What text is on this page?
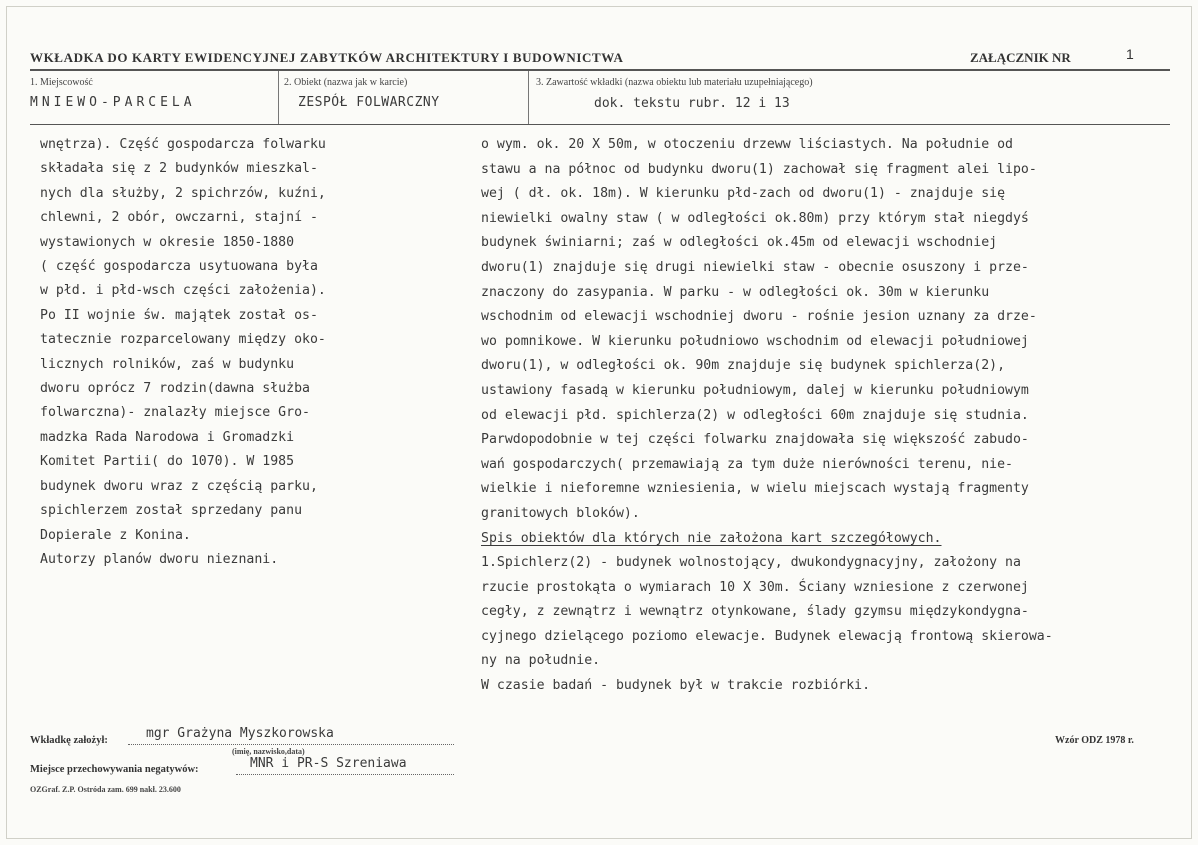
WKŁADKA DO KARTY EWIDENCYJNEJ ZABYTKÓW ARCHITEKTURY I BUDOWNICTWA	ZAŁĄCZNIK NR	1
1. Miejscowość	2. Obiekt (nazwa jak w karcie)	3. Zawartość wkładki (nazwa obiektu lub materiału uzupełniającego)
MNIEWO-PARCELA	ZESPÓŁ FOLWARCZNY	dok. tekstu rubr. 12 i 13
wnętrza). Część gospodarcza folwarku
składała się z 2 budynków mieszkal-
nych dla służby, 2 spichrzów, kuźni,
chlewni, 2 obór, owczarni, stajní -
wystawionych w okresie 1850-1880
( część gospodarcza usytuowana była
w płd. i płd-wsch części założenia).
Po II wojnie św. majątek został os-
tatecznie rozparcelowany między oko-
licznych rolników, zaś w budynku
dworu oprócz 7 rodzin(dawna służba
folwarczna)- znalazły miejsce Gro-
madzka Rada Narodowa i Gromadzki
Komitet Partii( do 1070). W 1985
budynek dworu wraz z częścią parku,
spichlerzem został sprzedany panu
Dopierale z Konina.
Autorzy planów dworu nieznani.
o wym. ok. 20 X 50m, w otoczeniu drzeww liściastych. Na południe od
stawu a na północ od budynku dworu(1) zachował się fragment alei lipo-
wej ( dł. ok. 18m). W kierunku płd-zach od dworu(1) - znajduje się
niewielki owalny staw ( w odległości ok.80m) przy którym stał niegdyś
budynek świniarni; zaś w odległości ok.45m od elewacji wschodniej
dworu(1) znajduje się drugi niewielki staw - obecnie osuszony i prze-
znaczony do zasypania. W parku - w odległości ok. 30m w kierunku
wschodnim od elewacji wschodniej dworu - rośnie jesion uznany za drze-
wo pomnikowe. W kierunku południowo wschodnim od elewacji południowej
dworu(1), w odległości ok. 90m znajduje się budynek spichlerza(2),
ustawiony fasadą w kierunku południowym, dalej w kierunku południowym
od elewacji płd. spichlerza(2) w odległości 60m znajduje się studnia.
Parwdopodobnie w tej części folwarku znajdowała się większość zabudo-
wań gospodarczych( przemawiają za tym duże nierówności terenu, nie-
wielkie i nieforemne wzniesienia, w wielu miejscach wystają fragmenty
granitowych bloków).
Spis obiektów dla których nie założona kart szczegółowych.
1.Spichlerz(2) - budynek wolnostojący, dwukondygnacyjny, założony na
rzucie prostokąta o wymiarach 10 X 30m. Ściany wzniesione z czerwonej
cegły, z zewnątrz i wewnątrz otynkowane, ślady gzymsu międzykondygna-
cyjnego dzielącego poziomo elewacje. Budynek elewacją frontową skierowa-
ny na południe.
W czasie badań - budynek był w trakcie rozbiórki.
Wkładkę założył:	mgr Grażyna Myszkorowska
(imię, nazwisko,data)
Miejsce przechowywania negatywów:	MNR i PR-S Szreniawa
Wzór ODZ 1978 r.
OZGraf. Z.P. Ostróda zam. 699 nakł. 23.600
